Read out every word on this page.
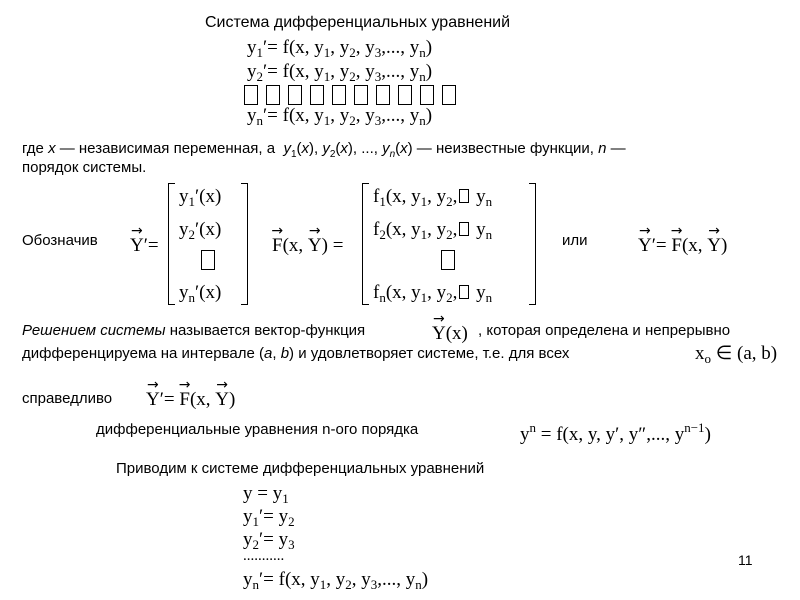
Система дифференциальных уравнений
$y_1'= f(x$, $y_1$, $y_2$, $y_3$,..., $y_n$)
$y_2'= f(x$, $y_1$, $y_2$, $y_3$,..., $y_n$)
$y_n'= f(x$, $y_1$, $y_2$, $y_3$,..., $y_n$)
где x — независимая переменная, а  $y_1(x)$, $y_2(x)$, ..., $y_n(x)$ — неизвестные функции, n —
порядок системы.
Обозначив → Y′=
$y_1'(x)$
$y_2'(x)$
$y_n'(x)$
→ F(x, → Y) =
$f_1(x$, $y_1$, $y_2$, $y_n$
$f_2(x$, $y_1$, $y_2$, $y_n$
$f_n(x$, $y_1$, $y_2$, $y_n$
или	→ Y′= → F(x, → Y)
Решением системы называется вектор-функция	→ Y(x) , которая определена и непрерывно
дифференцируема на интервале (a, b) и удовлетворяет системе, т.е. для всех	$x_o$ ∈ (a, b)
справедливо → Y′= → F(x, → Y)
дифференциальные уравнения n-ого порядка	$y^n = f(x$, y, y′, y″,..., $y^{n-1}$)
Приводим к системе дифференциальных уравнений
$y = y_1$
$y_1'= y_2$
$y_2'= y_3$
...........
$y_n'= f(x$, $y_1$, $y_2$, $y_3$,..., $y_n$)
11
